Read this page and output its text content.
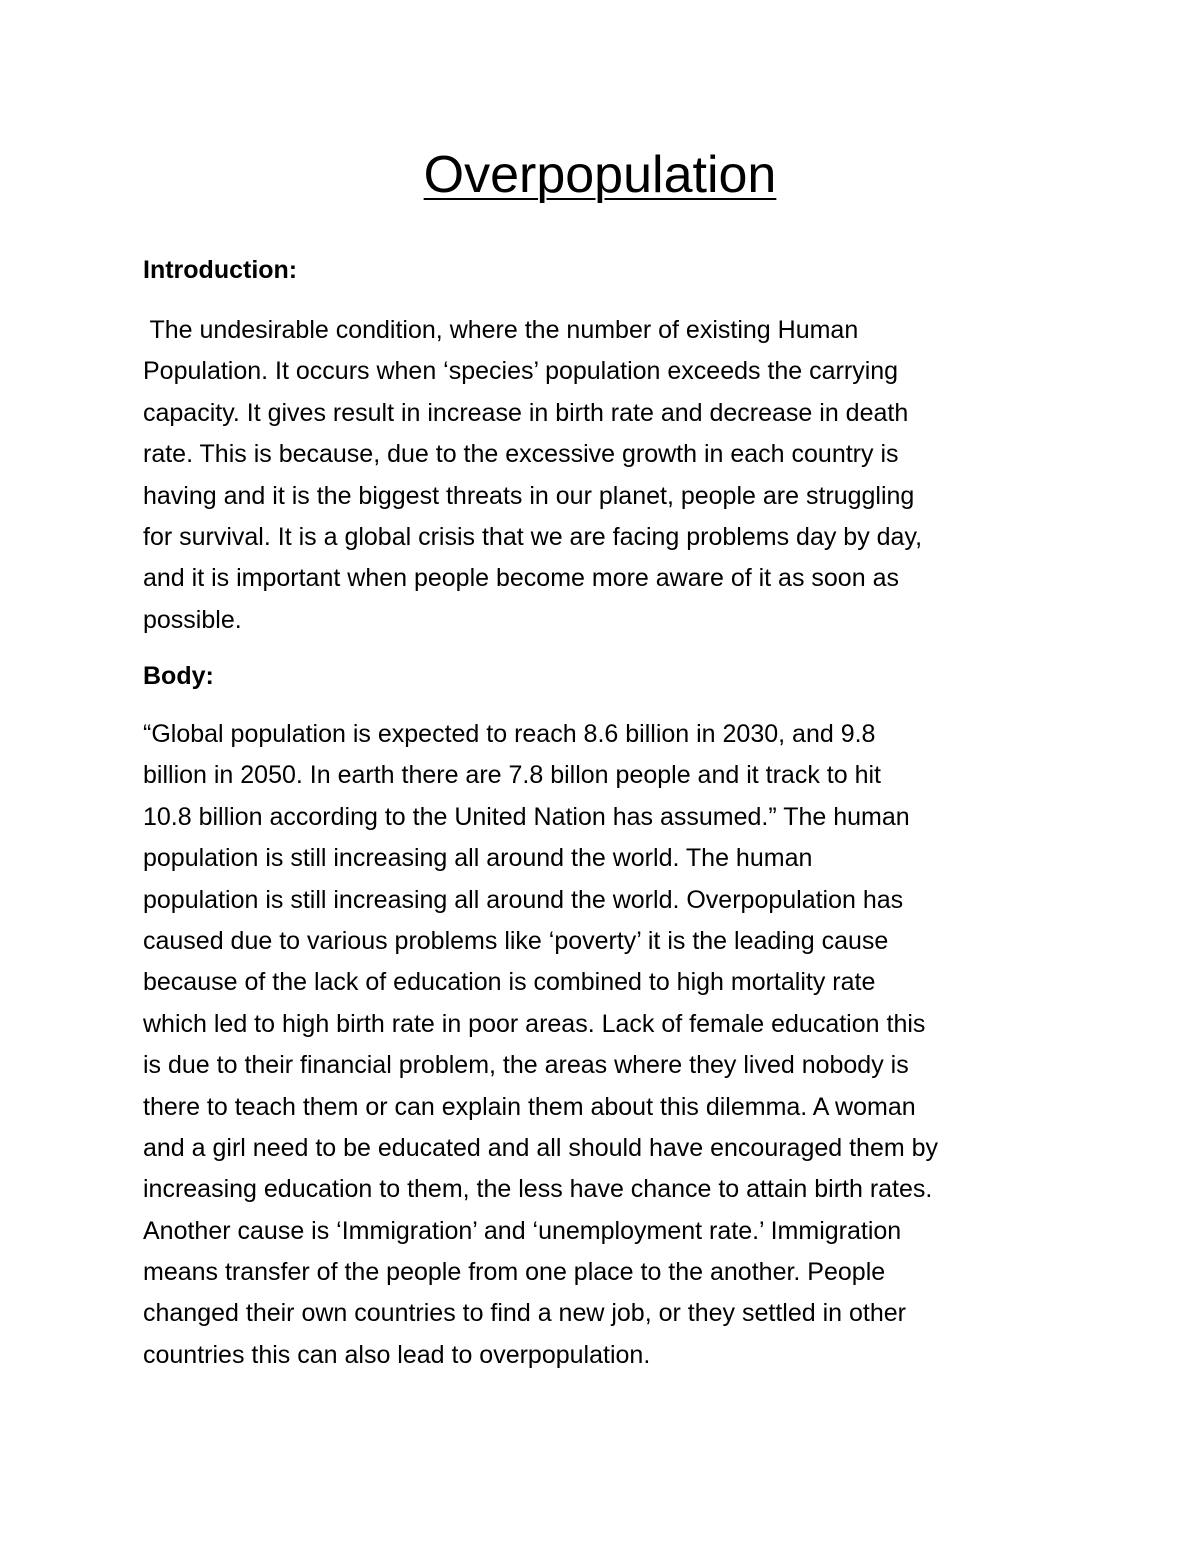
Overpopulation
Introduction:
The undesirable condition, where the number of existing Human
Population. It occurs when ‘species’ population exceeds the carrying
capacity. It gives result in increase in birth rate and decrease in death
rate. This is because, due to the excessive growth in each country is
having and it is the biggest threats in our planet, people are struggling
for survival. It is a global crisis that we are facing problems day by day,
and it is important when people become more aware of it as soon as
possible.
Body:
“Global population is expected to reach 8.6 billion in 2030, and 9.8
billion in 2050. In earth there are 7.8 billon people and it track to hit
10.8 billion according to the United Nation has assumed.” The human
population is still increasing all around the world. The human
population is still increasing all around the world. Overpopulation has
caused due to various problems like ‘poverty’ it is the leading cause
because of the lack of education is combined to high mortality rate
which led to high birth rate in poor areas. Lack of female education this
is due to their financial problem, the areas where they lived nobody is
there to teach them or can explain them about this dilemma. A woman
and a girl need to be educated and all should have encouraged them by
increasing education to them, the less have chance to attain birth rates.
Another cause is ‘Immigration’ and ‘unemployment rate.’ Immigration
means transfer of the people from one place to the another. People
changed their own countries to find a new job, or they settled in other
countries this can also lead to overpopulation.
